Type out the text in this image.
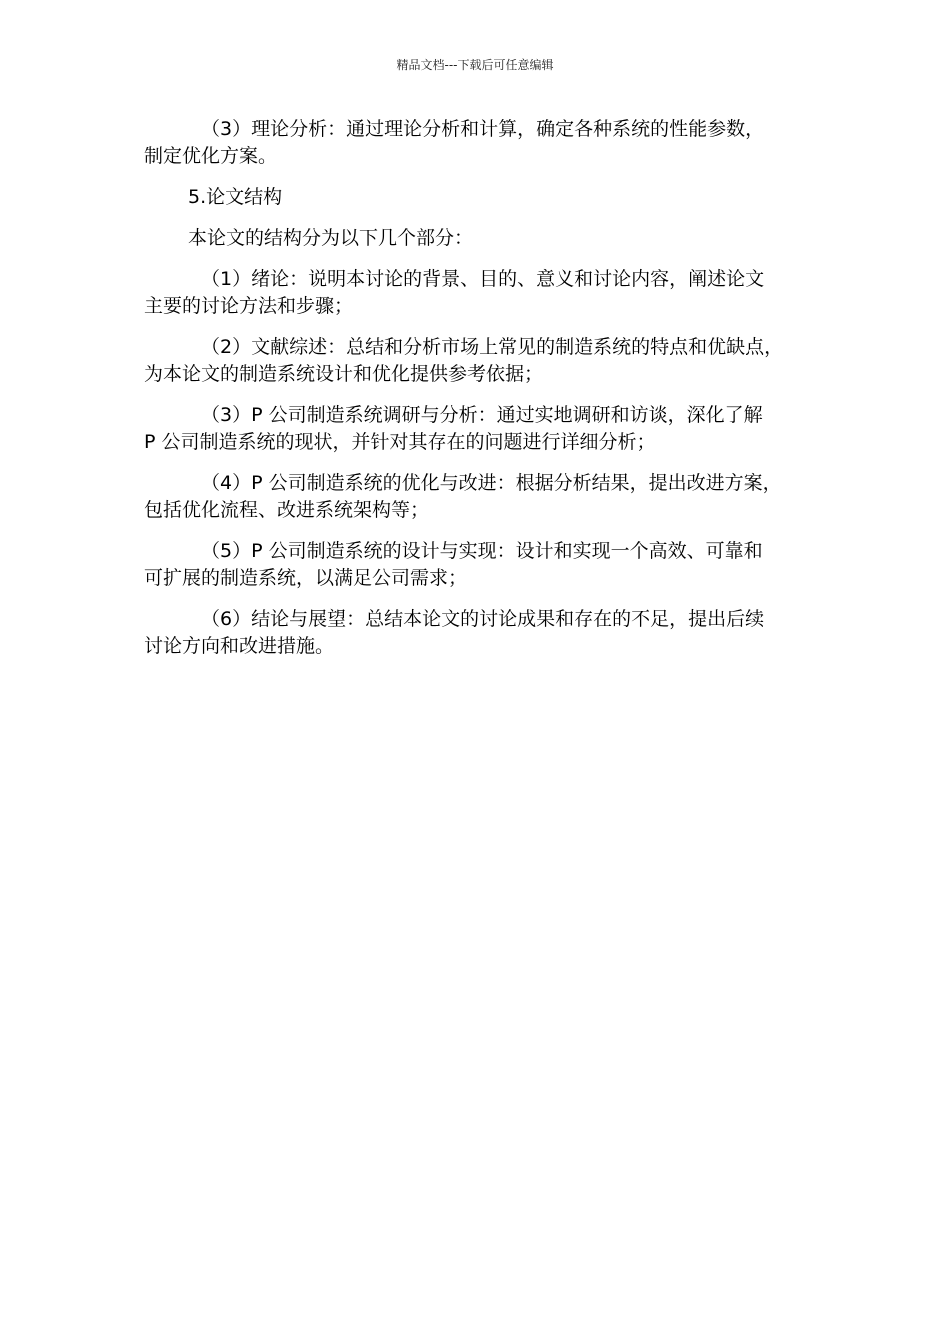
精品文档---下载后可任意编辑

（3）理论分析：通过理论分析和计算，确定各种系统的性能参数，
制定优化方案。

5.论文结构

本论文的结构分为以下几个部分：

（1）绪论：说明本讨论的背景、目的、意义和讨论内容，阐述论文
主要的讨论方法和步骤；

（2）文献综述：总结和分析市场上常见的制造系统的特点和优缺点，
为本论文的制造系统设计和优化提供参考依据；

（3）P 公司制造系统调研与分析：通过实地调研和访谈，深化了解
P 公司制造系统的现状，并针对其存在的问题进行详细分析；

（4）P 公司制造系统的优化与改进：根据分析结果，提出改进方案，
包括优化流程、改进系统架构等；

（5）P 公司制造系统的设计与实现：设计和实现一个高效、可靠和
可扩展的制造系统，以满足公司需求；

（6）结论与展望：总结本论文的讨论成果和存在的不足，提出后续
讨论方向和改进措施。
